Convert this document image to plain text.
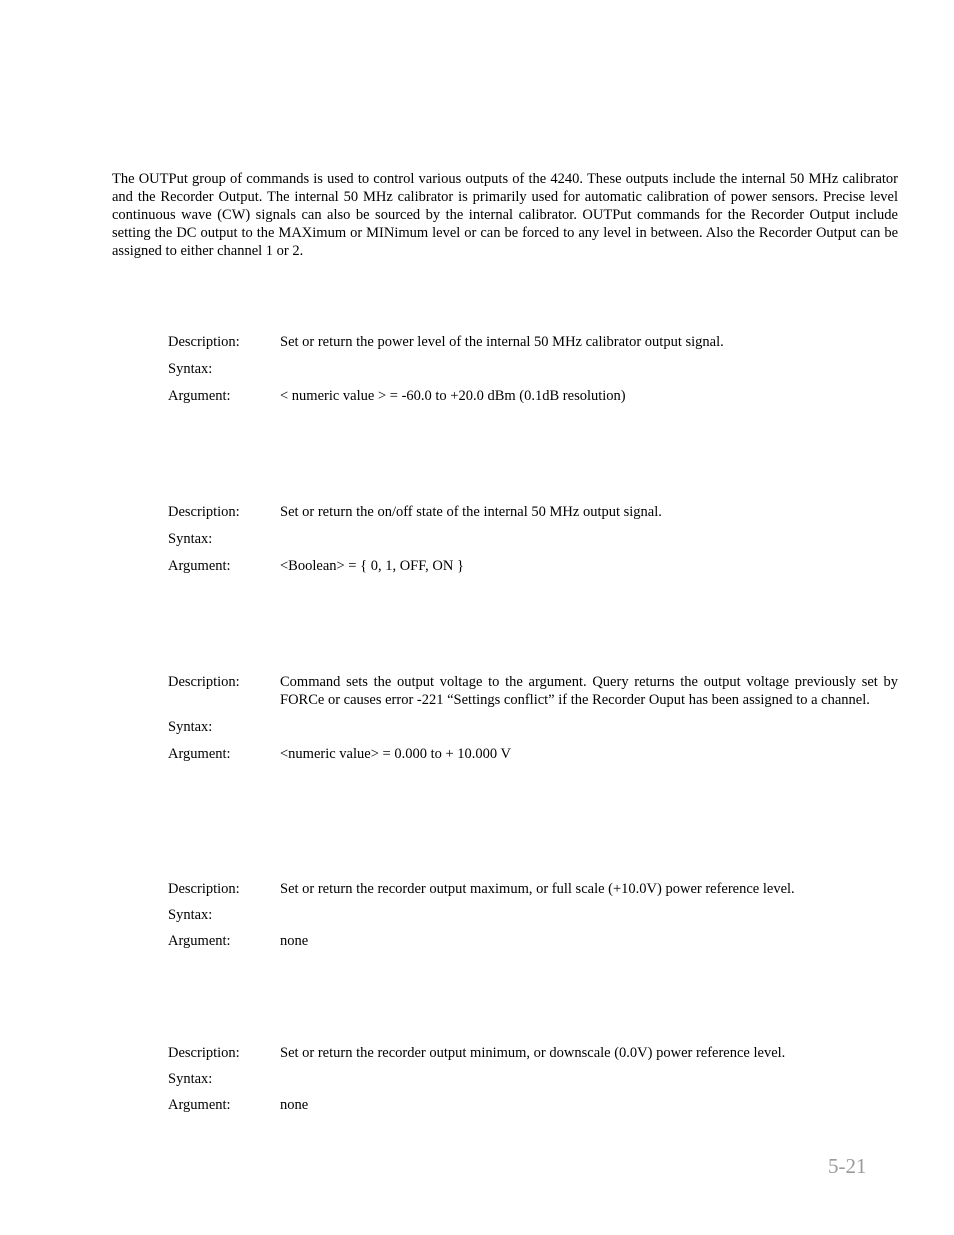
The OUTPut group of commands is used to control various outputs of the 4240. These outputs include the internal 50 MHz calibrator and the Recorder Output. The internal 50 MHz calibrator is primarily used for automatic calibration of power sensors. Precise level continuous wave (CW) signals can also be sourced by the internal calibrator. OUTPut commands for the Recorder Output include setting the DC output to the MAXimum or MINimum level or can be forced to any level in between. Also the Recorder Output can be assigned to either channel 1 or 2.

Description:	Set or return the power level of the internal 50 MHz calibrator output signal.
Syntax:
Argument:	< numeric value > = -60.0 to +20.0 dBm (0.1dB resolution)
Description:	Set or return the on/off state of the internal 50 MHz output signal.
Syntax:
Argument:	<Boolean> = { 0, 1, OFF, ON }
Description:	Command sets the output voltage to the argument. Query returns the output voltage previously set by FORCe or causes error -221 “Settings conflict” if the Recorder Ouput has been assigned to a channel.
Syntax:
Argument:	<numeric value> = 0.000 to + 10.000 V
Description:	Set or return the recorder output maximum, or full scale (+10.0V) power reference level.
Syntax:
Argument:	none
Description:	Set or return the recorder output minimum, or downscale (0.0V) power reference level.
Syntax:
Argument:	none
5-21
